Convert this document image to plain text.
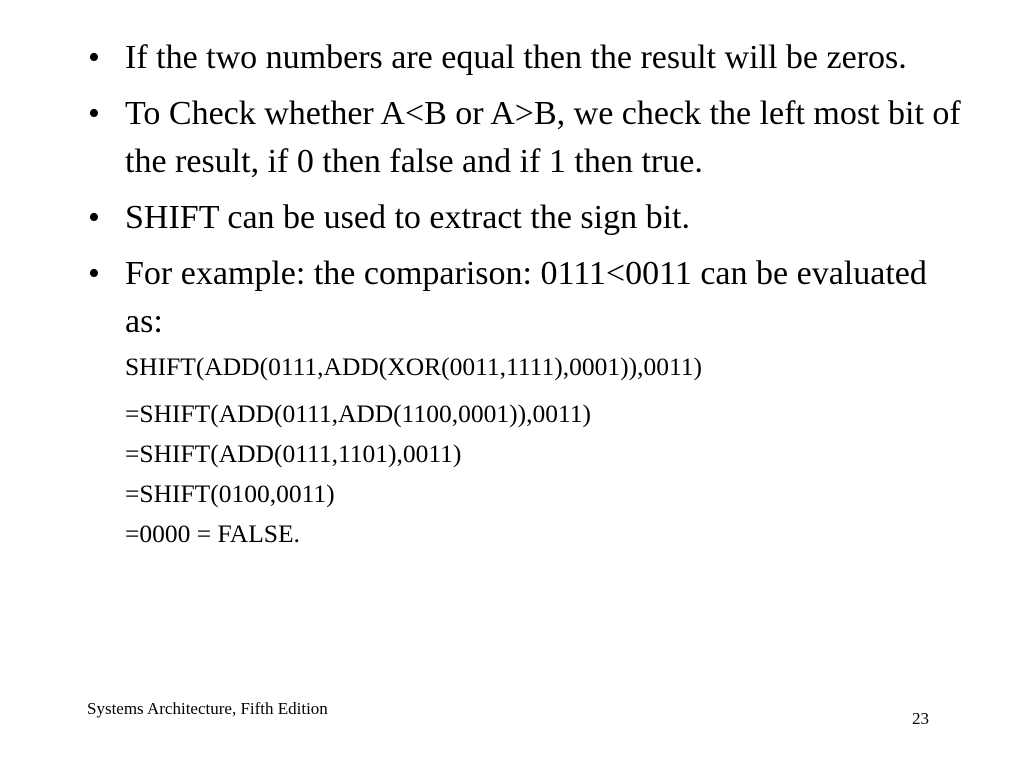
• If the two numbers are equal then the result will be zeros.
• To Check whether A<B or A>B, we check the left most bit of the result, if 0 then false and if 1 then true.
• SHIFT can be used to extract the sign bit.
• For example: the comparison: 0111<0011 can be evaluated as:
SHIFT(ADD(0111,ADD(XOR(0011,1111),0001)),0011)
=SHIFT(ADD(0111,ADD(1100,0001)),0011)
=SHIFT(ADD(0111,1101),0011)
=SHIFT(0100,0011)
=0000 = FALSE.
Systems Architecture, Fifth Edition
23
